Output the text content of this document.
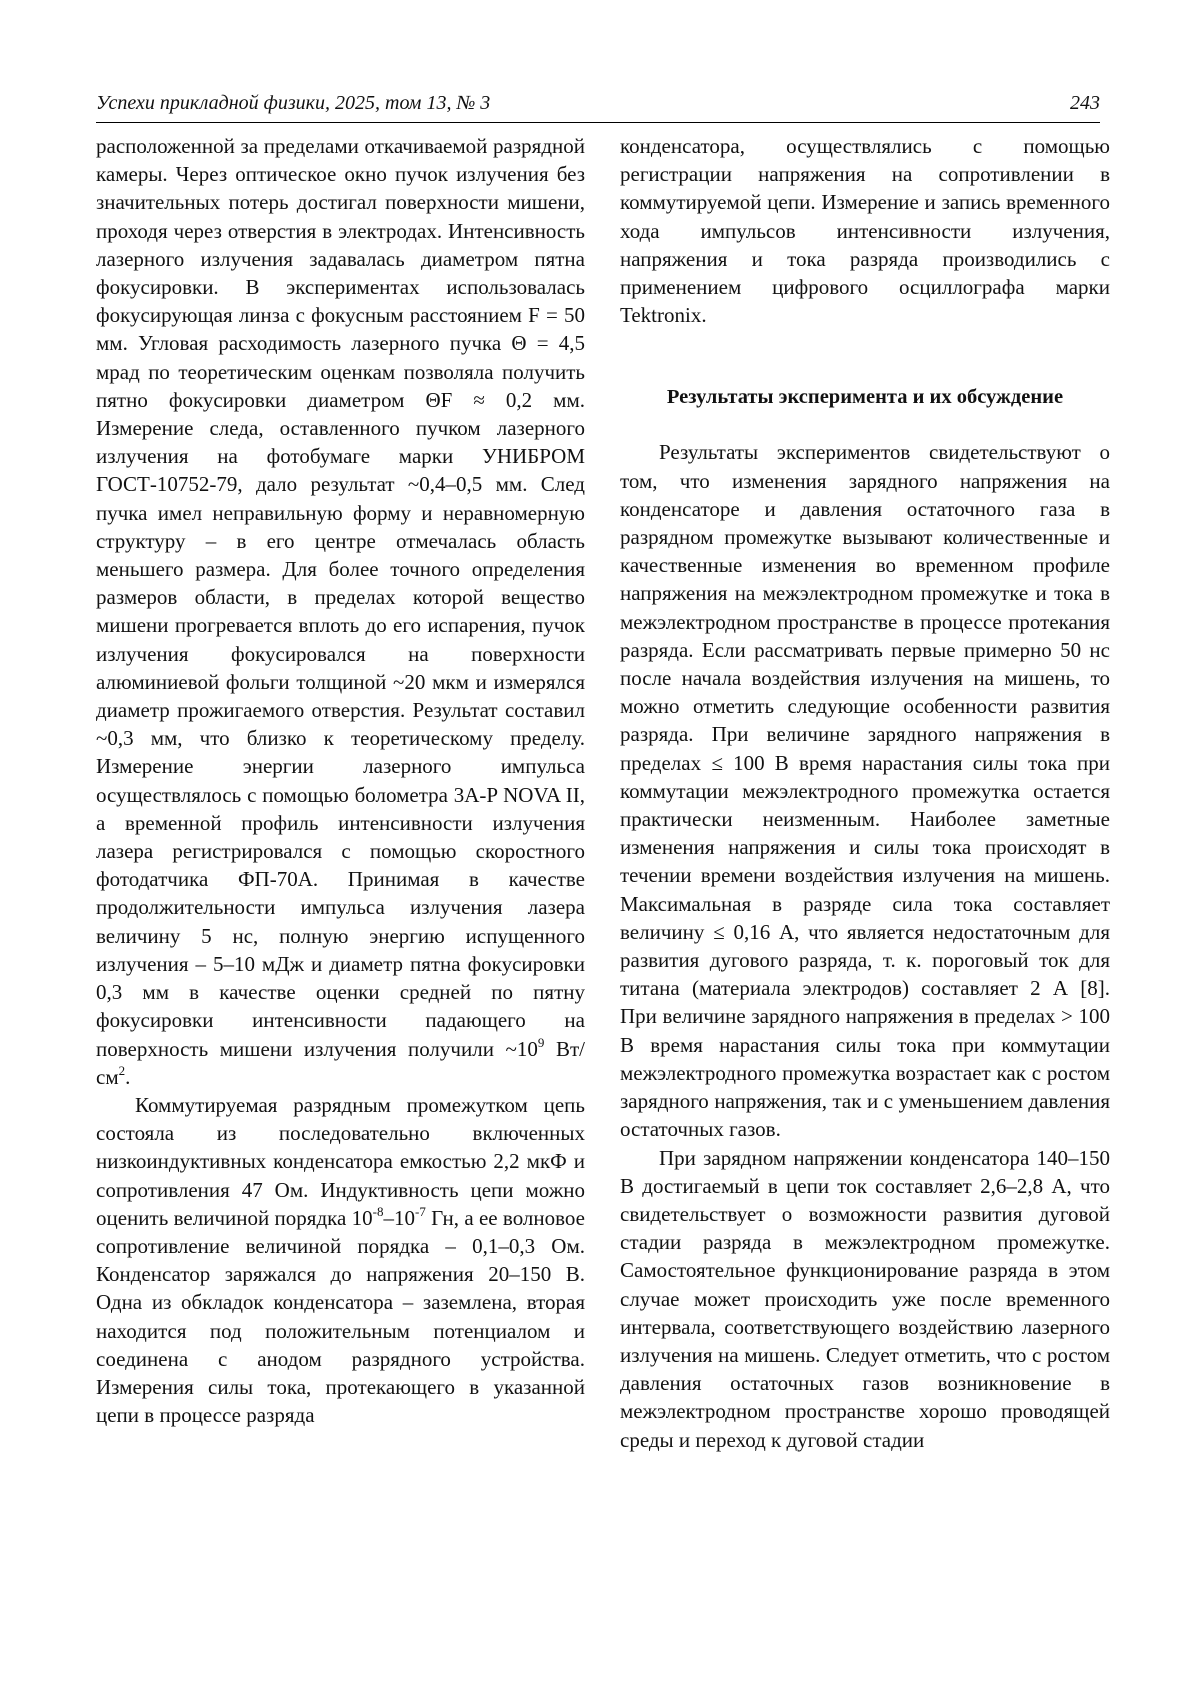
Успехи прикладной физики, 2025, том 13, № 3	243

расположенной за пределами откачиваемой разрядной камеры. Через оптическое окно пучок излучения без значительных потерь достигал поверхности мишени, проходя через отверстия в электродах. Интенсивность лазерного излучения задавалась диаметром пятна фокусировки. В экспериментах использовалась фокусирующая линза с фокусным расстоянием F = 50 мм. Угловая расходимость лазерного пучка Θ = 4,5 мрад по теоретическим оценкам позволяла получить пятно фокусировки диаметром ΘF ≈ 0,2 мм. Измерение следа, оставленного пучком лазерного излучения на фотобумаге марки УНИБРОМ ГОСТ-10752-79, дало результат ~0,4–0,5 мм. След пучка имел неправильную форму и неравномерную структуру – в его центре отмечалась область меньшего размера. Для более точного определения размеров области, в пределах которой вещество мишени прогревается вплоть до его испарения, пучок излучения фокусировался на поверхности алюминиевой фольги толщиной ~20 мкм и измерялся диаметр прожигаемого отверстия. Результат составил ~0,3 мм, что близко к теоретическому пределу. Измерение энергии лазерного импульса осуществлялось с помощью болометра 3A-P NOVA II, а временной профиль интенсивности излучения лазера регистрировался с помощью скоростного фотодатчика ФП-70А. Принимая в качестве продолжительности импульса излучения лазера величину 5 нс, полную энергию испущенного излучения – 5–10 мДж и диаметр пятна фокусировки 0,3 мм в качестве оценки средней по пятну фокусировки интенсивности падающего на поверхность мишени излучения получили $\sim 10^9$ $Вт/см^2$.

Коммутируемая разрядным промежутком цепь состояла из последовательно включенных низкоиндуктивных конденсатора емкостью 2,2 мкФ и сопротивления 47 Ом. Индуктивность цепи можно оценить величиной порядка $10^{-8}-10^{-7}$ Гн, а ее волновое сопротивление величиной порядка – 0,1–0,3 Ом. Конденсатор заряжался до напряжения 20–150 В. Одна из обкладок конденсатора – заземлена, вторая находится под положительным потенциалом и соединена с анодом разрядного устройства. Измерения силы тока, протекающего в указанной цепи в процессе разряда

конденсатора, осуществлялись с помощью регистрации напряжения на сопротивлении в коммутируемой цепи. Измерение и запись временного хода импульсов интенсивности излучения, напряжения и тока разряда производились с применением цифрового осциллографа марки Tektronix.

Результаты эксперимента и их обсуждение

Результаты экспериментов свидетельствуют о том, что изменения зарядного напряжения на конденсаторе и давления остаточного газа в разрядном промежутке вызывают количественные и качественные изменения во временном профиле напряжения на межэлектродном промежутке и тока в межэлектродном пространстве в процессе протекания разряда. Если рассматривать первые примерно 50 нс после начала воздействия излучения на мишень, то можно отметить следующие особенности развития разряда. При величине зарядного напряжения в пределах ≤ 100 В время нарастания силы тока при коммутации межэлектродного промежутка остается практически неизменным. Наиболее заметные изменения напряжения и силы тока происходят в течении времени воздействия излучения на мишень. Максимальная в разряде сила тока составляет величину ≤ 0,16 А, что является недостаточным для развития дугового разряда, т. к. пороговый ток для титана (материала электродов) составляет 2 А [8]. При величине зарядного напряжения в пределах > 100 В время нарастания силы тока при коммутации межэлектродного промежутка возрастает как с ростом зарядного напряжения, так и с уменьшением давления остаточных газов.

При зарядном напряжении конденсатора 140–150 В достигаемый в цепи ток составляет 2,6–2,8 А, что свидетельствует о возможности развития дуговой стадии разряда в межэлектродном промежутке. Самостоятельное функционирование разряда в этом случае может происходить уже после временного интервала, соответствующего воздействию лазерного излучения на мишень. Следует отметить, что с ростом давления остаточных газов возникновение в межэлектродном пространстве хорошо проводящей среды и переход к дуговой стадии
